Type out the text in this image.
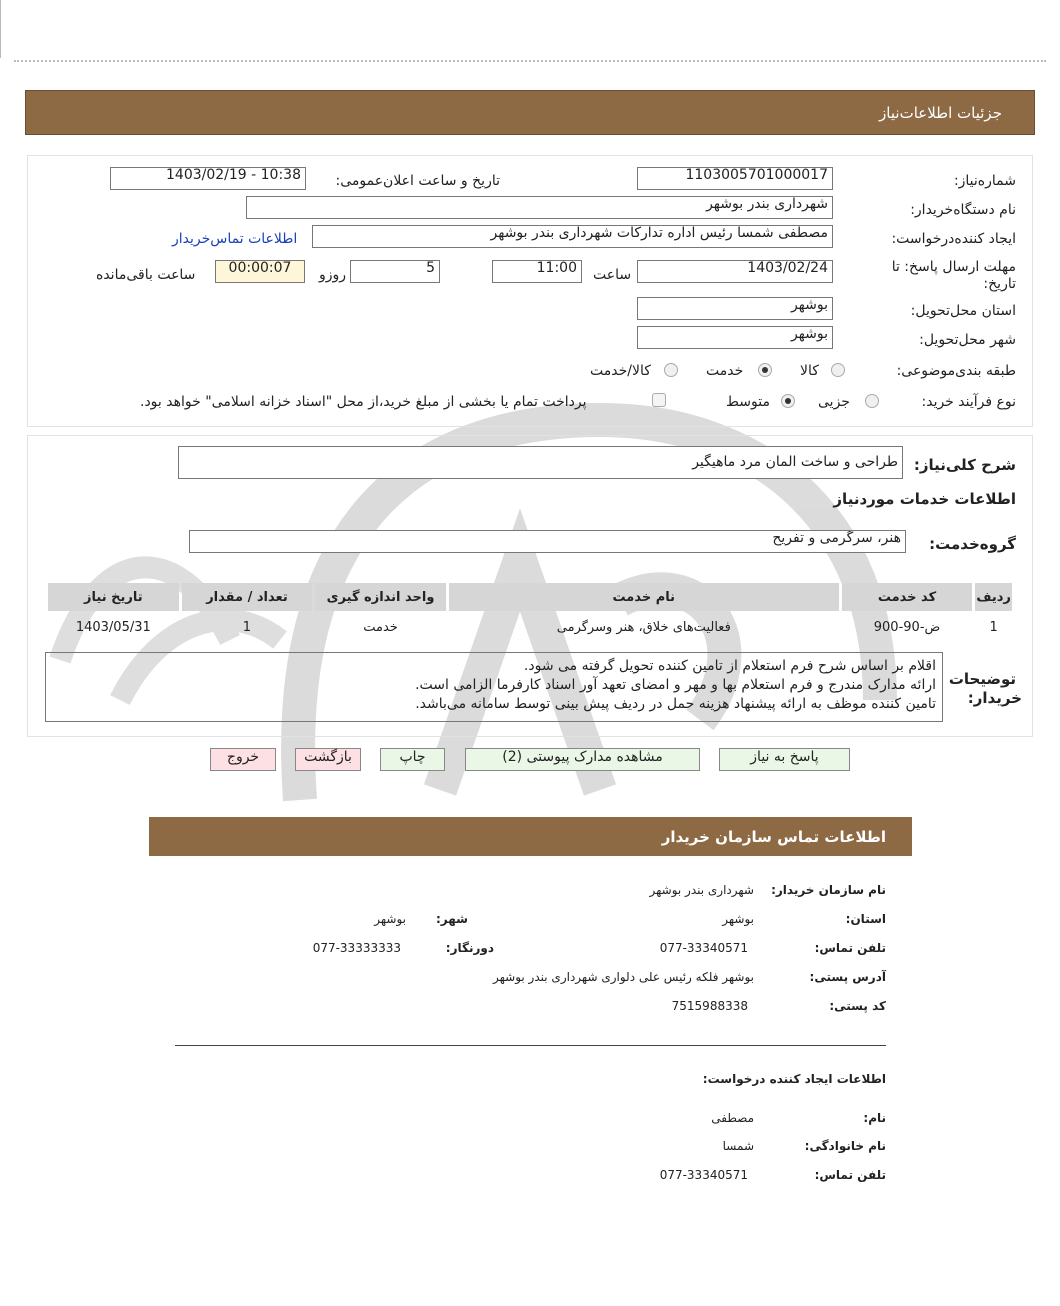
جزئیات اطلاعات‌نیاز
شماره‌نیاز:
1103005701000017
تاریخ و ساعت اعلان‌عمومی:
1403/02/19 - 10:38
نام دستگاه‌خریدار:
شهرداری بندر بوشهر
ایجاد کننده‌درخواست:
مصطفی شمسا رئیس اداره تدارکات شهرداری بندر بوشهر
اطلاعات تماس‌خریدار
مهلت ارسال پاسخ: تا
تاریخ:
1403/02/24
ساعت
11:00
5
روزو
00:00:07
ساعت باقی‌مانده
استان محل‌تحویل:
بوشهر
شهر محل‌تحویل:
بوشهر
طبقه بندی‌موضوعی:
کالا
خدمت
کالا/خدمت
نوع فرآیند خرید:
جزیی
متوسط
پرداخت تمام یا بخشی از مبلغ خرید،از محل "اسناد خزانه اسلامی" خواهد بود.
شرح کلی‌نیاز:
طراحی و ساخت المان مرد ماهیگیر
اطلاعات خدمات موردنیاز
گروه‌خدمت:
هنر، سرگرمی و تفریح
ردیف	کد خدمت	نام خدمت	واحد اندازه گیری	تعداد / مقدار	تاریخ نیاز
1	ض-90-900	فعالیت‌های خلاق، هنر وسرگرمی	خدمت	1	1403/05/31
توضیحات
خریدار:
اقلام بر اساس شرح فرم استعلام از تامین کننده تحویل گرفته می شود.
ارائه مدارک مندرج و فرم استعلام بها و مهر و امضای تعهد آور اسناد کارفرما الزامی است.
تامین کننده موظف به ارائه پیشنهاد هزینه حمل در ردیف پیش بینی توسط سامانه می‌باشد.
پاسخ به نیاز
مشاهده مدارک پیوستی (2)
چاپ
بازگشت
خروج
اطلاعات تماس سازمان خریدار
نام سازمان خریدار:
شهرداری بندر بوشهر
استان:
بوشهر
شهر:
بوشهر
تلفن تماس:
077-33340571
دورنگار:
077-33333333
آدرس پستی:
بوشهر فلکه رئیس علی دلواری شهرداری بندر بوشهر
کد پستی:
7515988338
اطلاعات ایجاد کننده درخواست:
نام:
مصطفی
نام خانوادگی:
شمسا
تلفن تماس:
077-33340571
